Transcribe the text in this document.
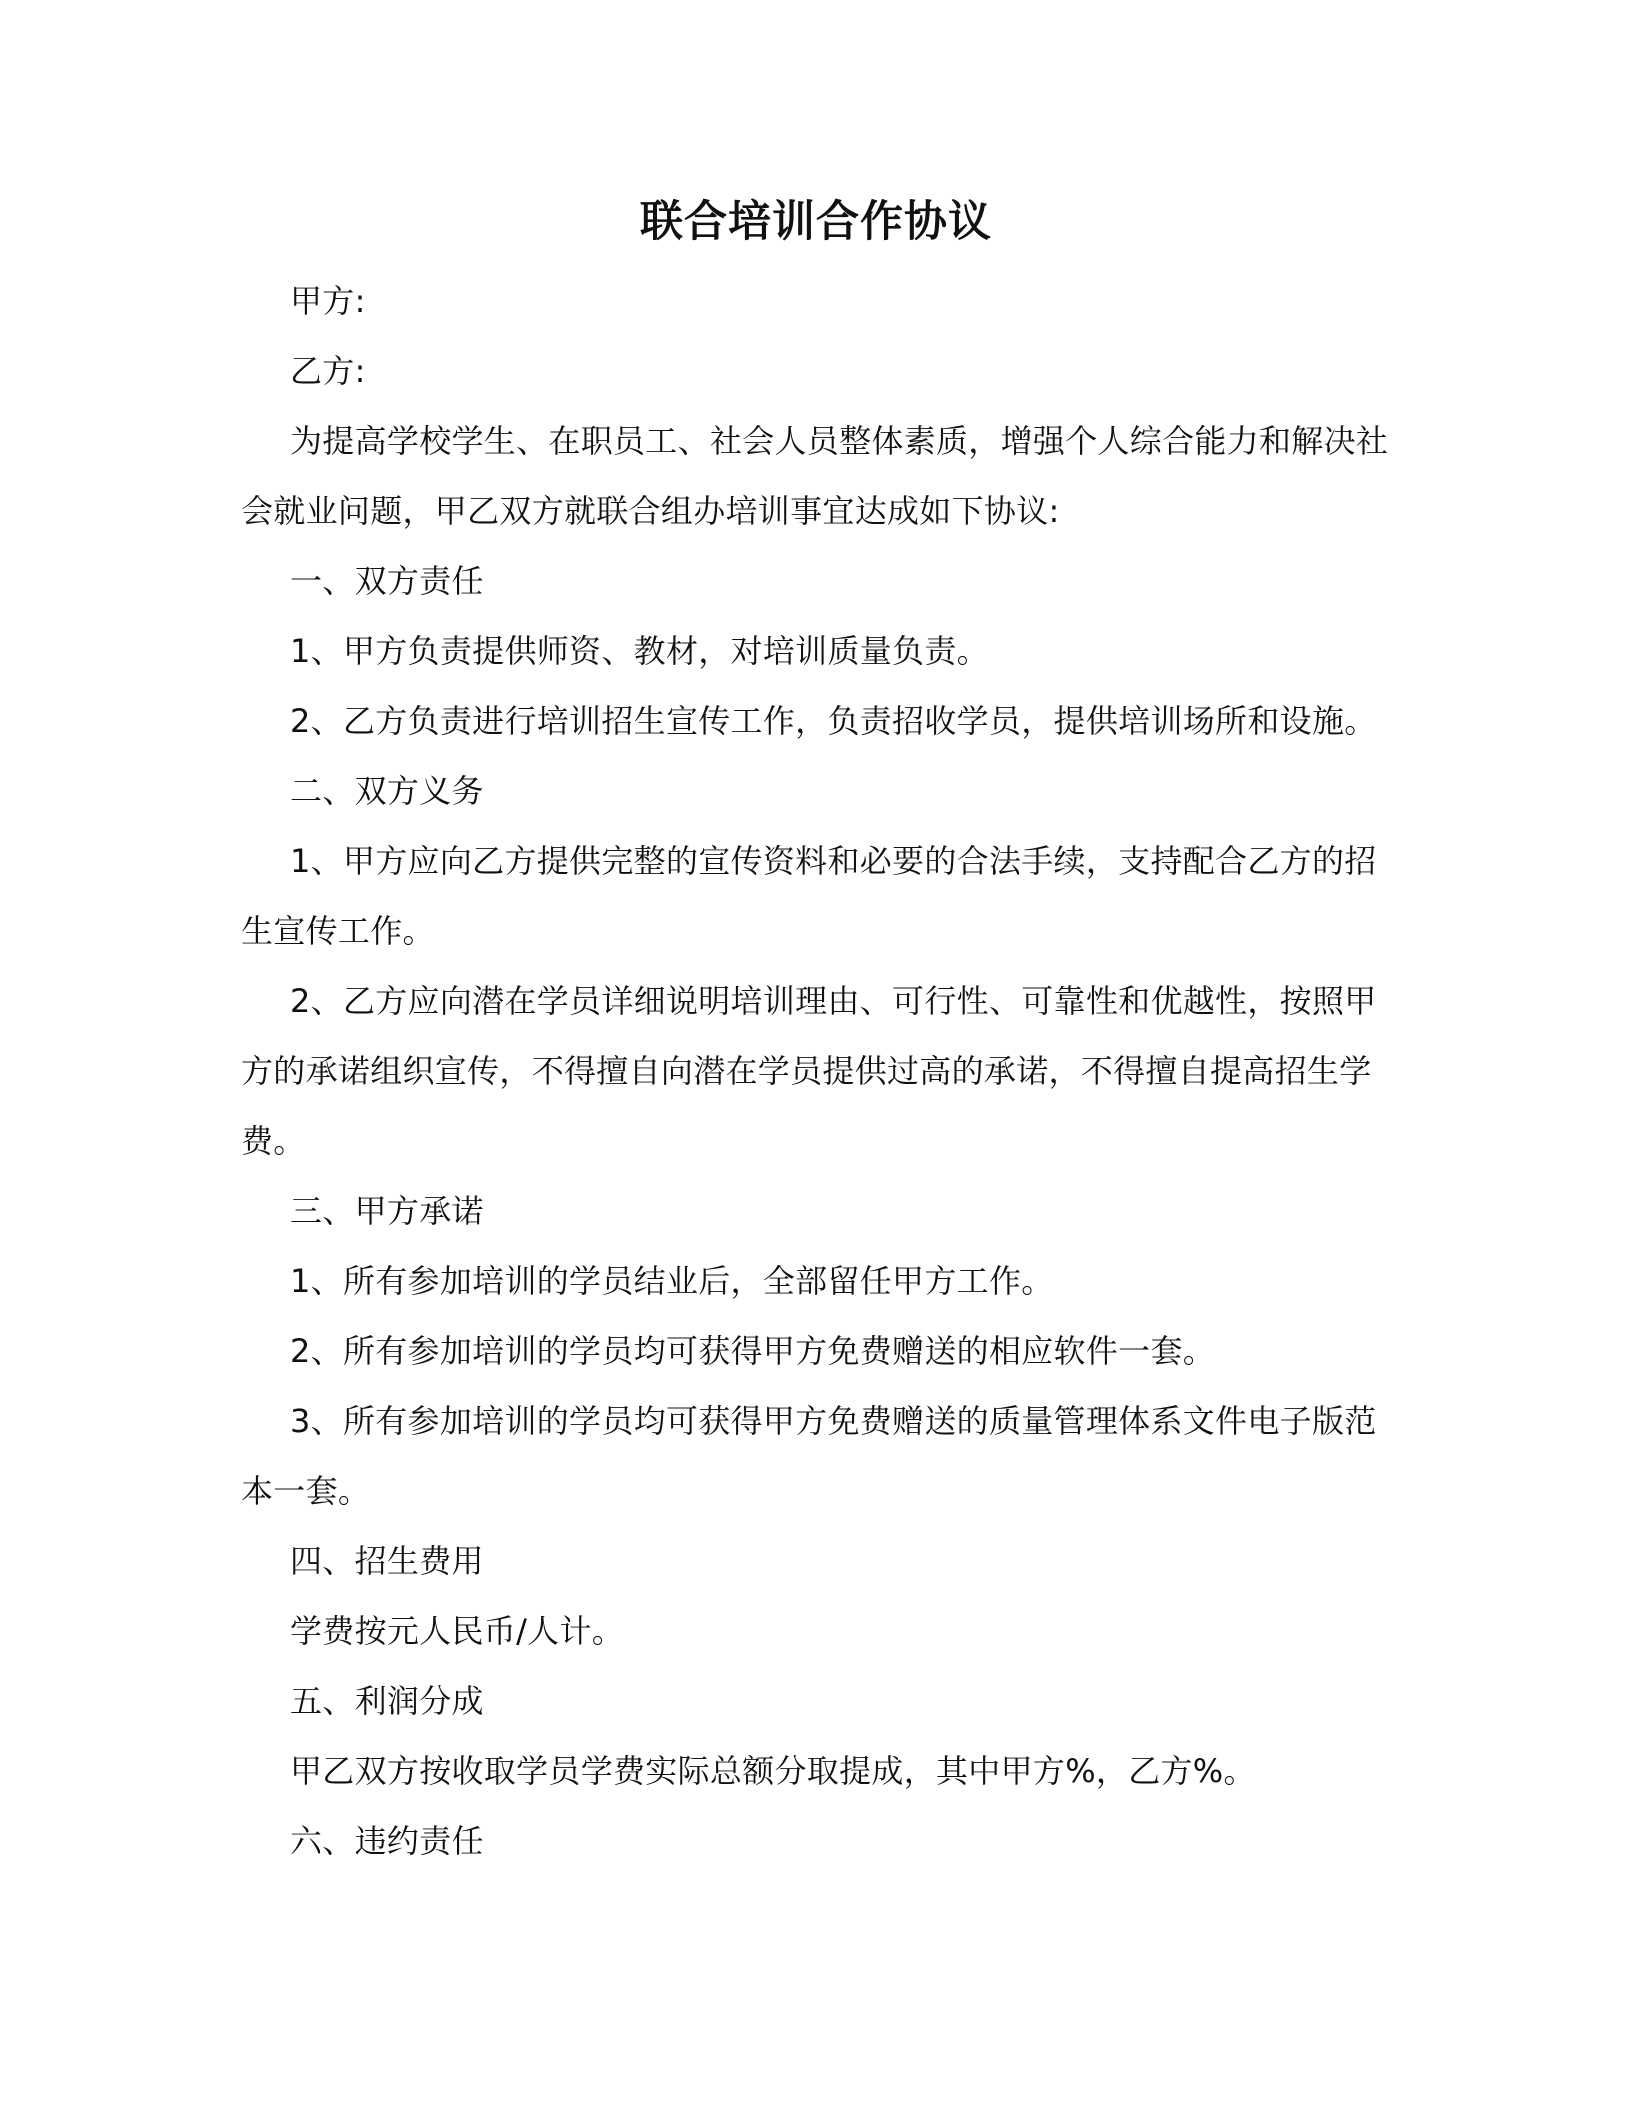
联合培训合作协议

甲方:

乙方:

为提高学校学生、在职员工、社会人员整体素质，增强个人综合能力和解决社

会就业问题，甲乙双方就联合组办培训事宜达成如下协议:

一、双方责任

1、甲方负责提供师资、教材，对培训质量负责。

2、乙方负责进行培训招生宣传工作，负责招收学员，提供培训场所和设施。

二、双方义务

1、甲方应向乙方提供完整的宣传资料和必要的合法手续，支持配合乙方的招

生宣传工作。

2、乙方应向潜在学员详细说明培训理由、可行性、可靠性和优越性，按照甲

方的承诺组织宣传，不得擅自向潜在学员提供过高的承诺，不得擅自提高招生学

费。

三、甲方承诺

1、所有参加培训的学员结业后，全部留任甲方工作。

2、所有参加培训的学员均可获得甲方免费赠送的相应软件一套。

3、所有参加培训的学员均可获得甲方免费赠送的质量管理体系文件电子版范

本一套。

四、招生费用

学费按元人民币/人计。

五、利润分成

甲乙双方按收取学员学费实际总额分取提成，其中甲方%，乙方%。

六、违约责任
